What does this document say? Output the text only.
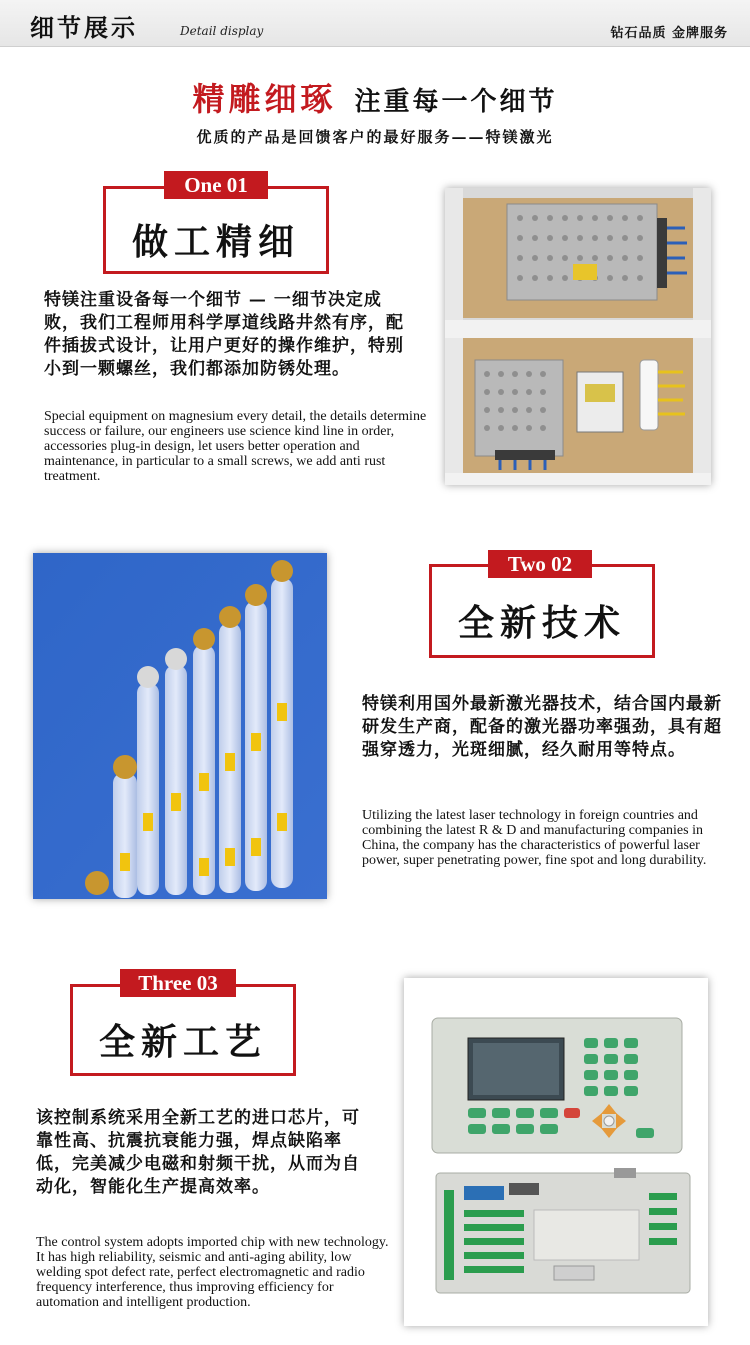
细节展示	Detail display	钻石品质 金牌服务
精雕细琢 注重每一个细节
优质的产品是回馈客户的最好服务——特镁激光
做工精细
One 01
特镁注重设备每一个细节 — 一细节决定成败，我们工程师用科学厚道线路井然有序，配件插拔式设计，让用户更好的操作维护，特别小到一颗螺丝，我们都添加防锈处理。
Special equipment on magnesium every detail, the details determine success or failure, our engineers use science kind line in order, accessories plug-in design, let users better operation and maintenance, in particular to a small screws, we add anti rust treatment.
全新技术
Two 02
特镁利用国外最新激光器技术，结合国内最新研发生产商，配备的激光器功率强劲，具有超强穿透力，光斑细腻，经久耐用等特点。
Utilizing the latest laser technology in foreign countries and combining the latest R & D and manufacturing companies in China, the company has the characteristics of powerful laser power, super penetrating power, fine spot and long durability.
全新工艺
Three 03
该控制系统采用全新工艺的进口芯片，可靠性高、抗震抗衰能力强，焊点缺陷率低，完美减少电磁和射频干扰，从而为自动化，智能化生产提高效率。
The control system adopts imported chip with new technology. It has high reliability, seismic and anti-aging ability, low welding spot defect rate, perfect electromagnetic and radio frequency interference, thus improving efficiency for automation and intelligent production.
